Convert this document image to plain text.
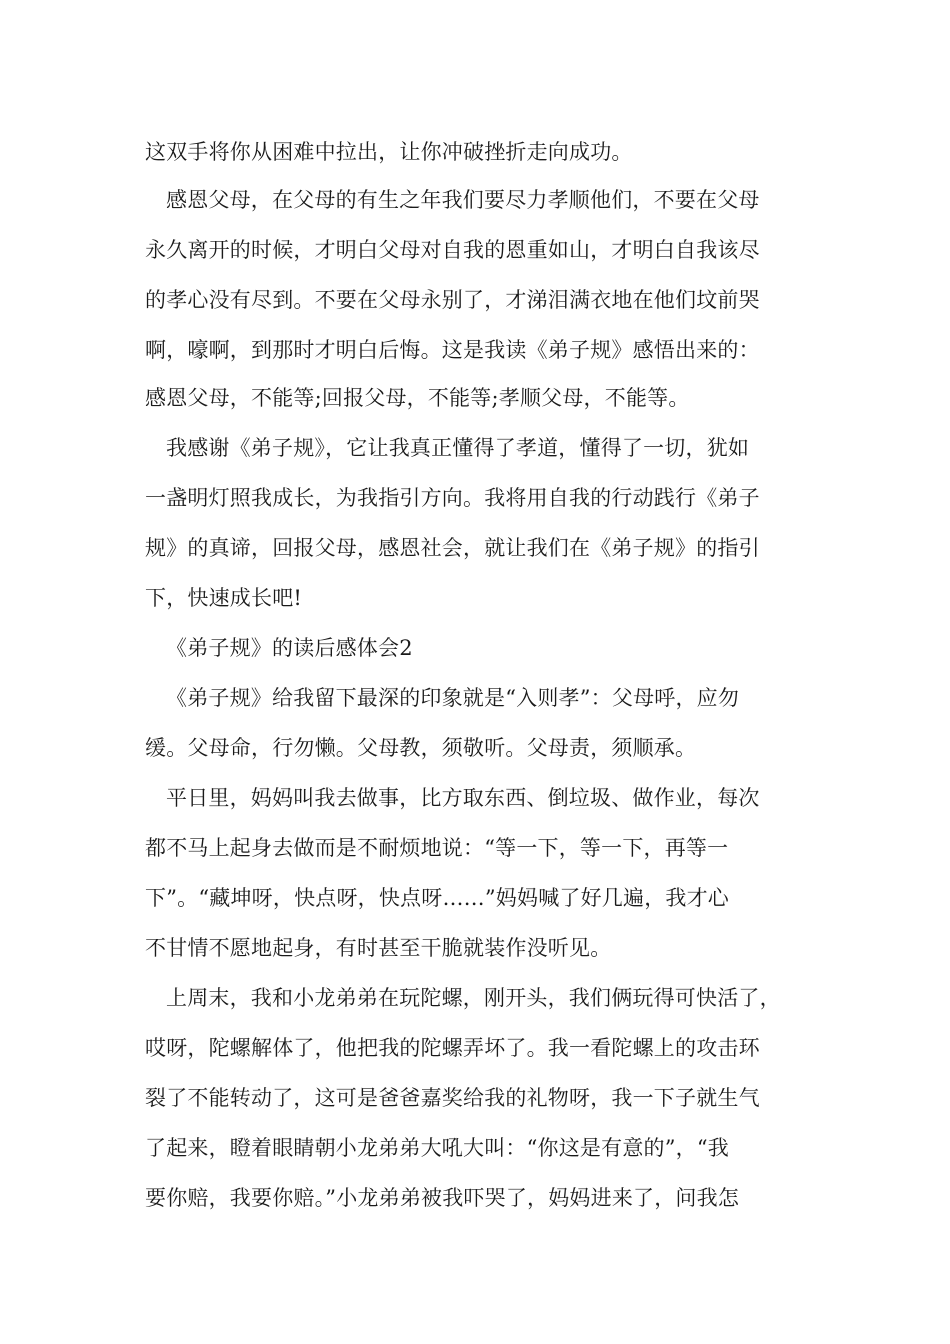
这双手将你从困难中拉出，让你冲破挫折走向成功。
感恩父母，在父母的有生之年我们要尽力孝顺他们，不要在父母
永久离开的时候，才明白父母对自我的恩重如山，才明白自我该尽
的孝心没有尽到。不要在父母永别了，才涕泪满衣地在他们坟前哭
啊，嚎啊，到那时才明白后悔。这是我读《弟子规》感悟出来的：
感恩父母，不能等;回报父母，不能等;孝顺父母，不能等。
我感谢《弟子规》，它让我真正懂得了孝道，懂得了一切，犹如
一盏明灯照我成长，为我指引方向。我将用自我的行动践行《弟子
规》的真谛，回报父母，感恩社会，就让我们在《弟子规》的指引
下，快速成长吧!
《弟子规》的读后感体会2
《弟子规》给我留下最深的印象就是“入则孝”：父母呼，应勿
缓。父母命，行勿懒。父母教，须敬听。父母责，须顺承。
平日里，妈妈叫我去做事，比方取东西、倒垃圾、做作业，每次
都不马上起身去做而是不耐烦地说：“等一下，等一下，再等一
下”。“藏坤呀，快点呀，快点呀……”妈妈喊了好几遍，我才心
不甘情不愿地起身，有时甚至干脆就装作没听见。
上周末，我和小龙弟弟在玩陀螺，刚开头，我们俩玩得可快活了，
哎呀，陀螺解体了，他把我的陀螺弄坏了。我一看陀螺上的攻击环
裂了不能转动了，这可是爸爸嘉奖给我的礼物呀，我一下子就生气
了起来，瞪着眼睛朝小龙弟弟大吼大叫：“你这是有意的”，“我
要你赔，我要你赔。”小龙弟弟被我吓哭了，妈妈进来了，问我怎
